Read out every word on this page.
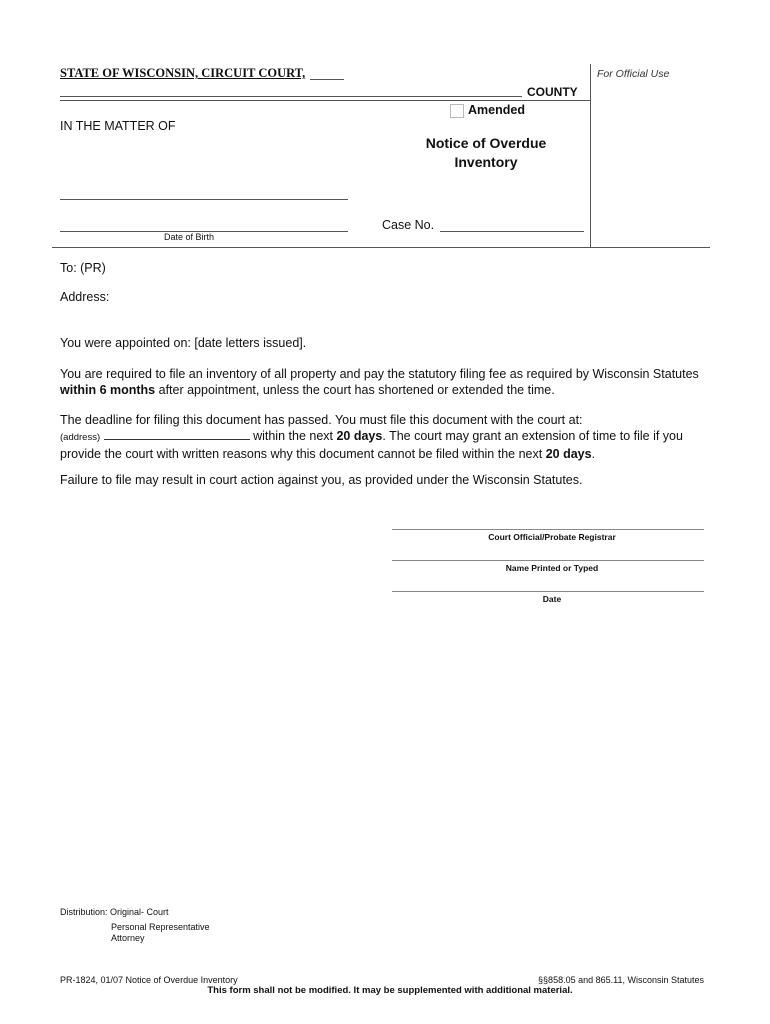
STATE OF WISCONSIN, CIRCUIT COURT,	For Official Use
COUNTY
Amended
IN THE MATTER OF
Notice of Overdue
Inventory
Date of Birth
Case No.
To: (PR)
Address:
You were appointed on: [date letters issued].
You are required to file an inventory of all property and pay the statutory filing fee as required by Wisconsin Statutes
within 6 months after appointment, unless the court has shortened or extended the time.
The deadline for filing this document has passed. You must file this document with the court at:
(address)	within the next 20 days. The court may grant an extension of time to file if you
provide the court with written reasons why this document cannot be filed within the next 20 days.
Failure to file may result in court action against you, as provided under the Wisconsin Statutes.
Court Official/Probate Registrar
Name Printed or Typed
Date
Distribution: Original- Court
Personal Representative
Attorney
PR-1824, 01/07 Notice of Overdue Inventory	§§858.05 and 865.11, Wisconsin Statutes
This form shall not be modified. It may be supplemented with additional material.
